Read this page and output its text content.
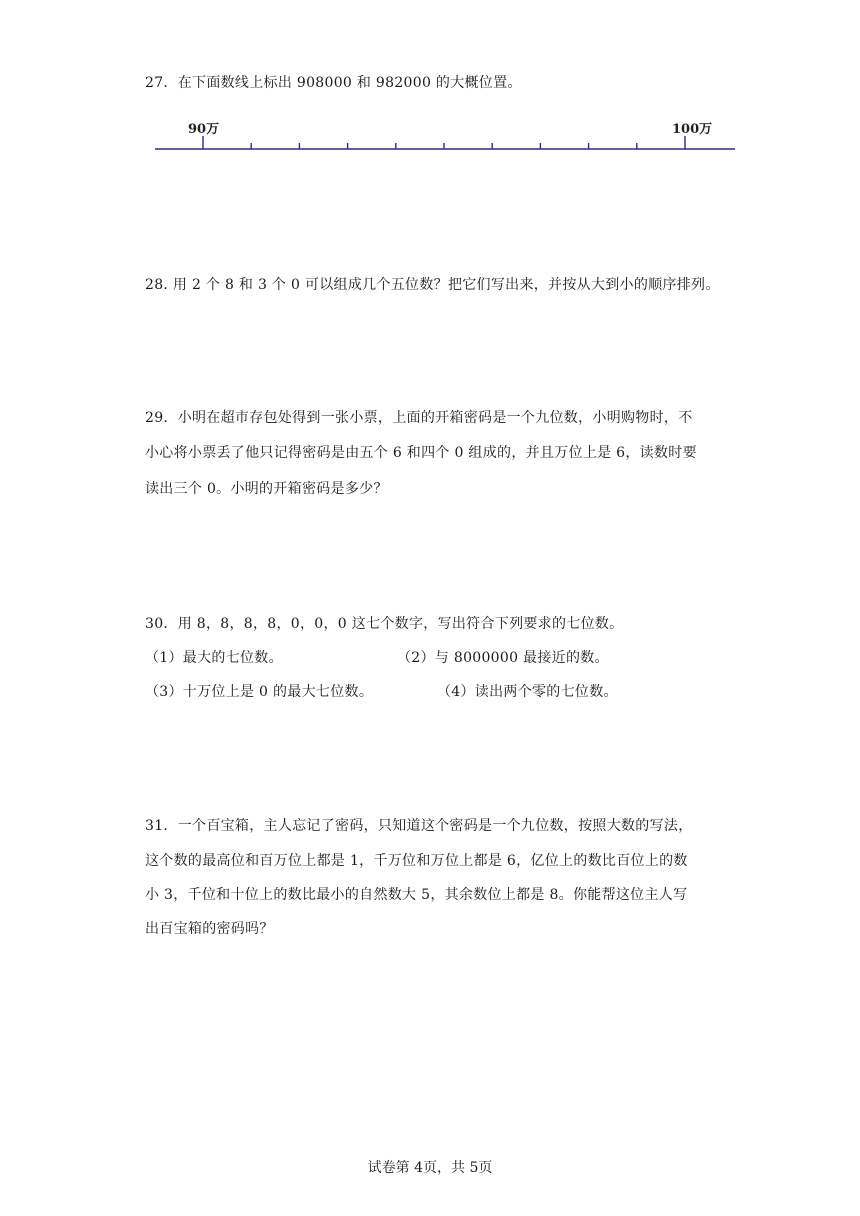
27．在下面数线上标出 908000 和 982000 的大概位置。
90万	100万
28. 用 2 个 8 和 3 个 0 可以组成几个五位数？把它们写出来，并按从大到小的顺序排列。
29．小明在超市存包处得到一张小票，上面的开箱密码是一个九位数，小明购物时，不
小心将小票丢了他只记得密码是由五个 6 和四个 0 组成的，并且万位上是 6，读数时要
读出三个 0。小明的开箱密码是多少？
30．用 8，8，8，8，0，0，0 这七个数字，写出符合下列要求的七位数。
（1）最大的七位数。	（2）与 8000000 最接近的数。
（3）十万位上是 0 的最大七位数。	（4）读出两个零的七位数。
31．一个百宝箱，主人忘记了密码，只知道这个密码是一个九位数，按照大数的写法，
这个数的最高位和百万位上都是 1，千万位和万位上都是 6，亿位上的数比百位上的数
小 3，千位和十位上的数比最小的自然数大 5，其余数位上都是 8。你能帮这位主人写
出百宝箱的密码吗？
试卷第 4页，共 5页
